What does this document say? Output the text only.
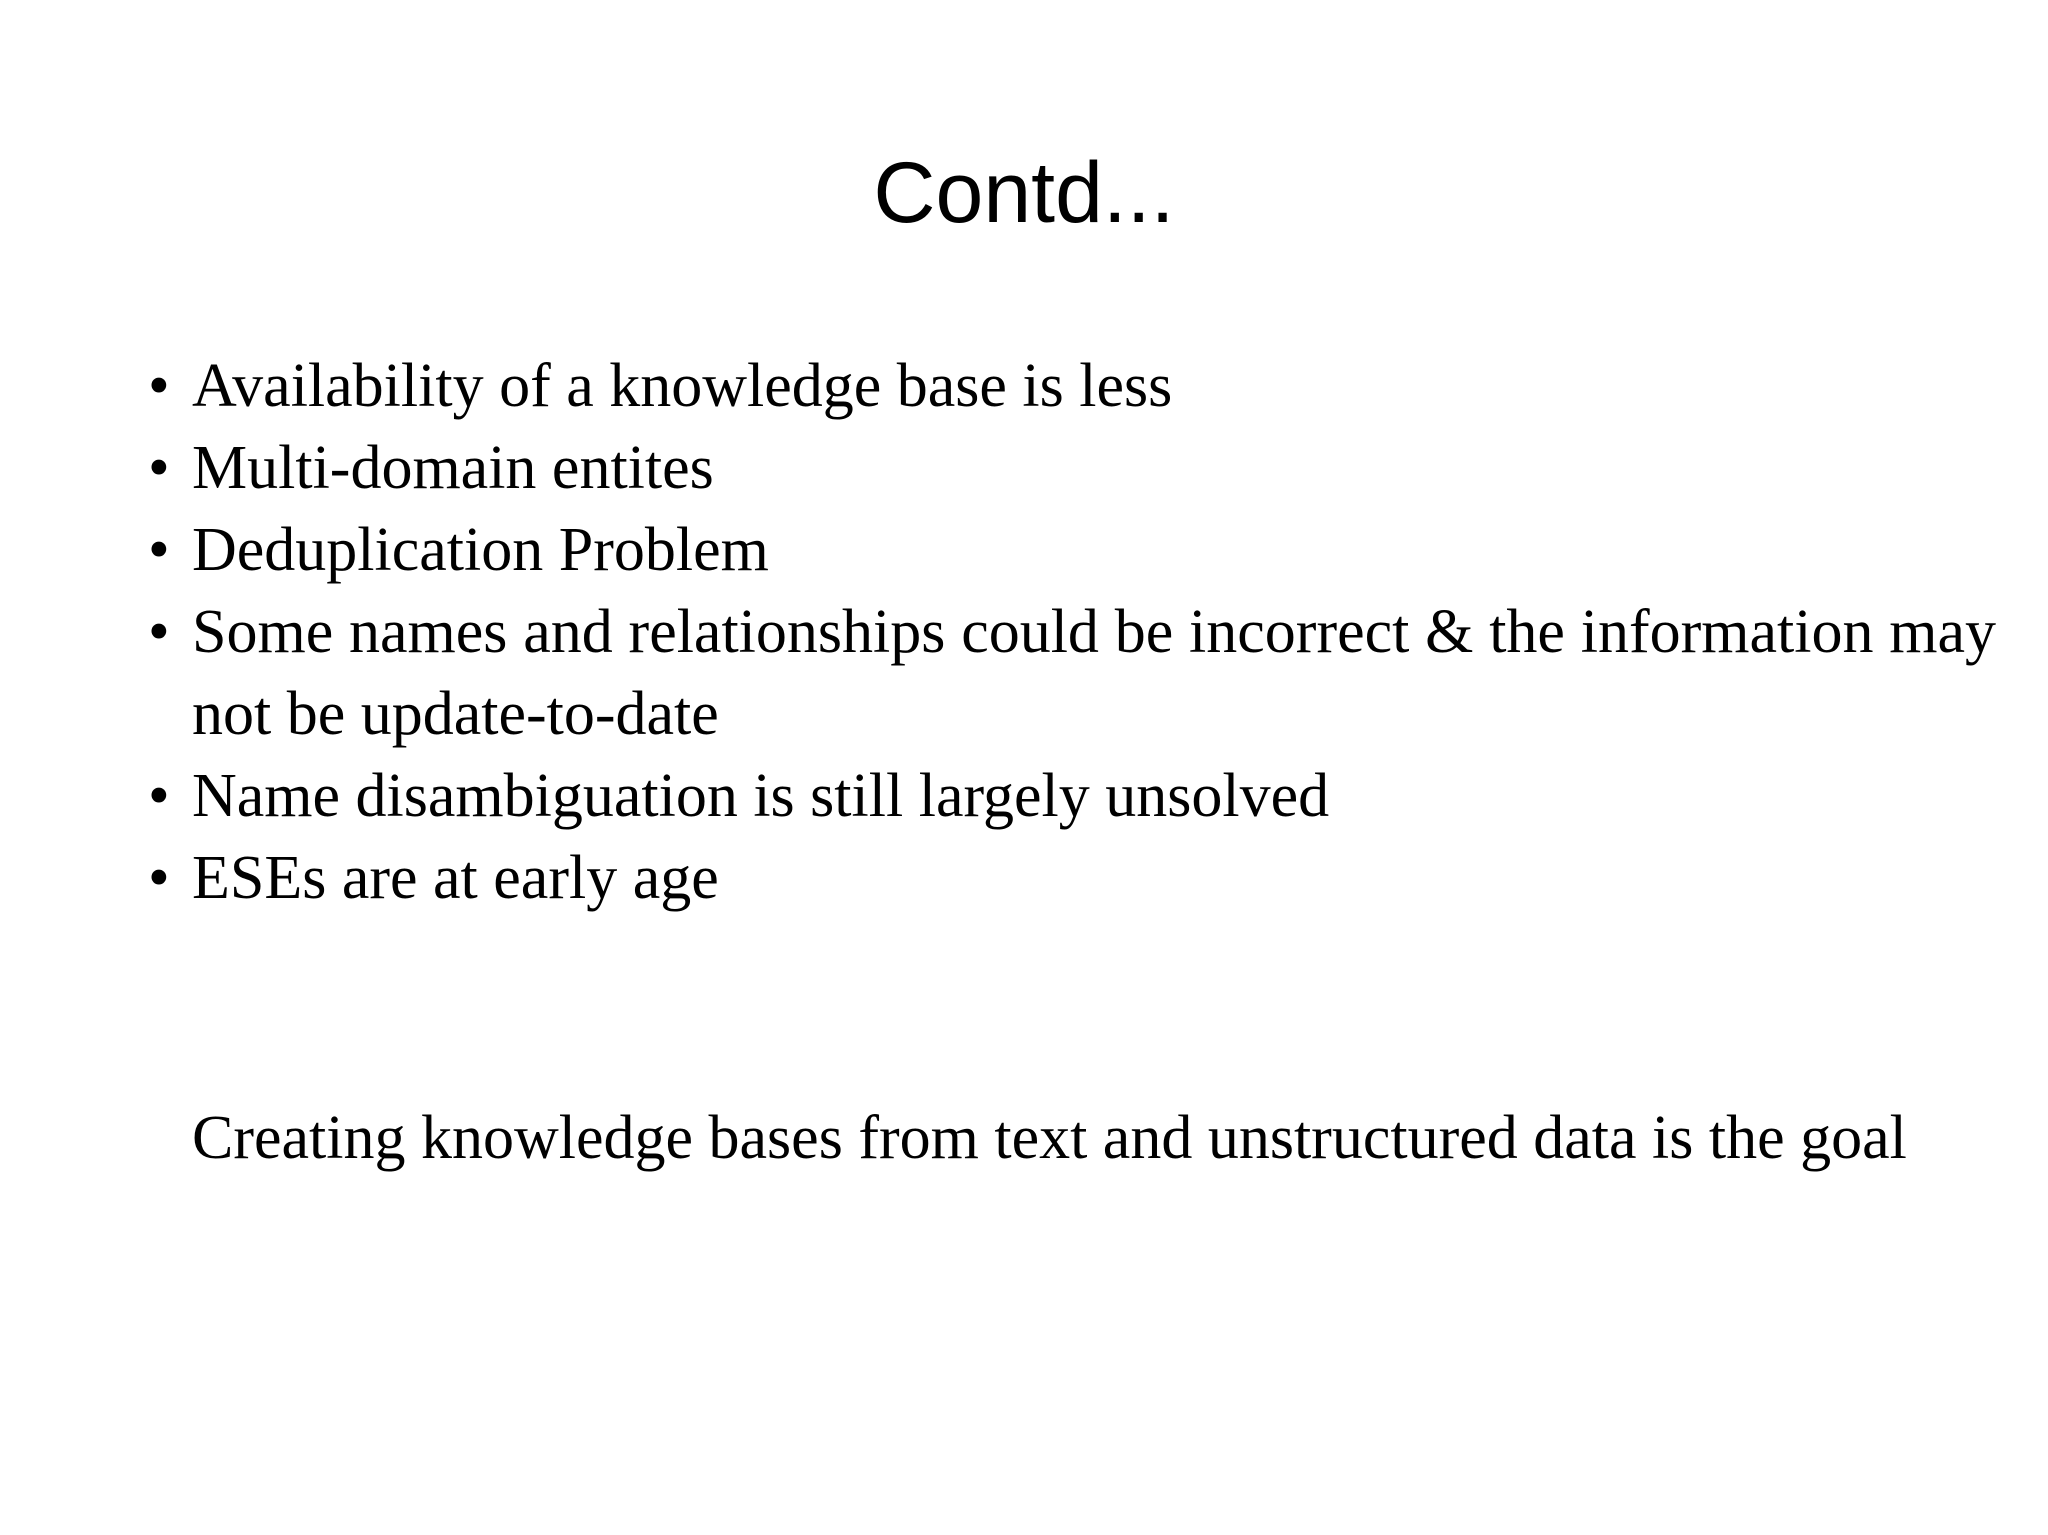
Contd...
• Availability of a knowledge base is less
• Multi-domain entites
• Deduplication Problem
• Some names and relationships could be incorrect & the information may not be update-to-date
• Name disambiguation is still largely unsolved
• ESEs are at early age

Creating knowledge bases from text and unstructured data is the goal
